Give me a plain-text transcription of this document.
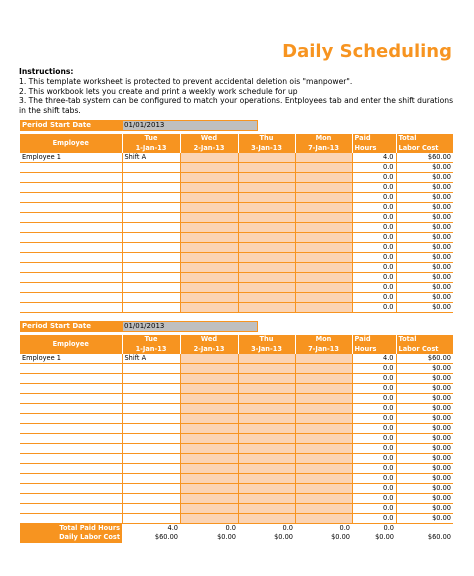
Daily Scheduling
Instructions:
1. This template worksheet is protected to prevent accidental deletion ois "manpower".
2. This workbook lets you create and print a weekly work schedule for up
3. The three-tab system can be configured to match your operations. Entployees tab and enter the shift durations in the shift tabs.
Period Start Date	01/01/2013
Employee	Tue	Wed	Thu	Mon	Paid	Total
	1-Jan-13	2-Jan-13	3-Jan-13	7-Jan-13	Hours	Labor Cost
Employee 1	Shift A				4.0	$60.00
					0.0	$0.00
					0.0	$0.00
					0.0	$0.00
					0.0	$0.00
					0.0	$0.00
					0.0	$0.00
					0.0	$0.00
					0.0	$0.00
					0.0	$0.00
					0.0	$0.00
					0.0	$0.00
					0.0	$0.00
					0.0	$0.00
					0.0	$0.00
					0.0	$0.00
Period Start Date	01/01/2013
Employee	Tue	Wed	Thu	Mon	Paid	Total
	1-Jan-13	2-Jan-13	3-Jan-13	7-Jan-13	Hours	Labor Cost
Employee 1	Shift A				4.0	$60.00
					0.0	$0.00
					0.0	$0.00
					0.0	$0.00
					0.0	$0.00
					0.0	$0.00
					0.0	$0.00
					0.0	$0.00
					0.0	$0.00
					0.0	$0.00
					0.0	$0.00
					0.0	$0.00
					0.0	$0.00
					0.0	$0.00
					0.0	$0.00
					0.0	$0.00
					0.0	$0.00
Total Paid Hours	4.0	0.0	0.0	0.0	0.0	
Daily Labor Cost	$60.00	$0.00	$0.00	$0.00	$0.00	$60.00
